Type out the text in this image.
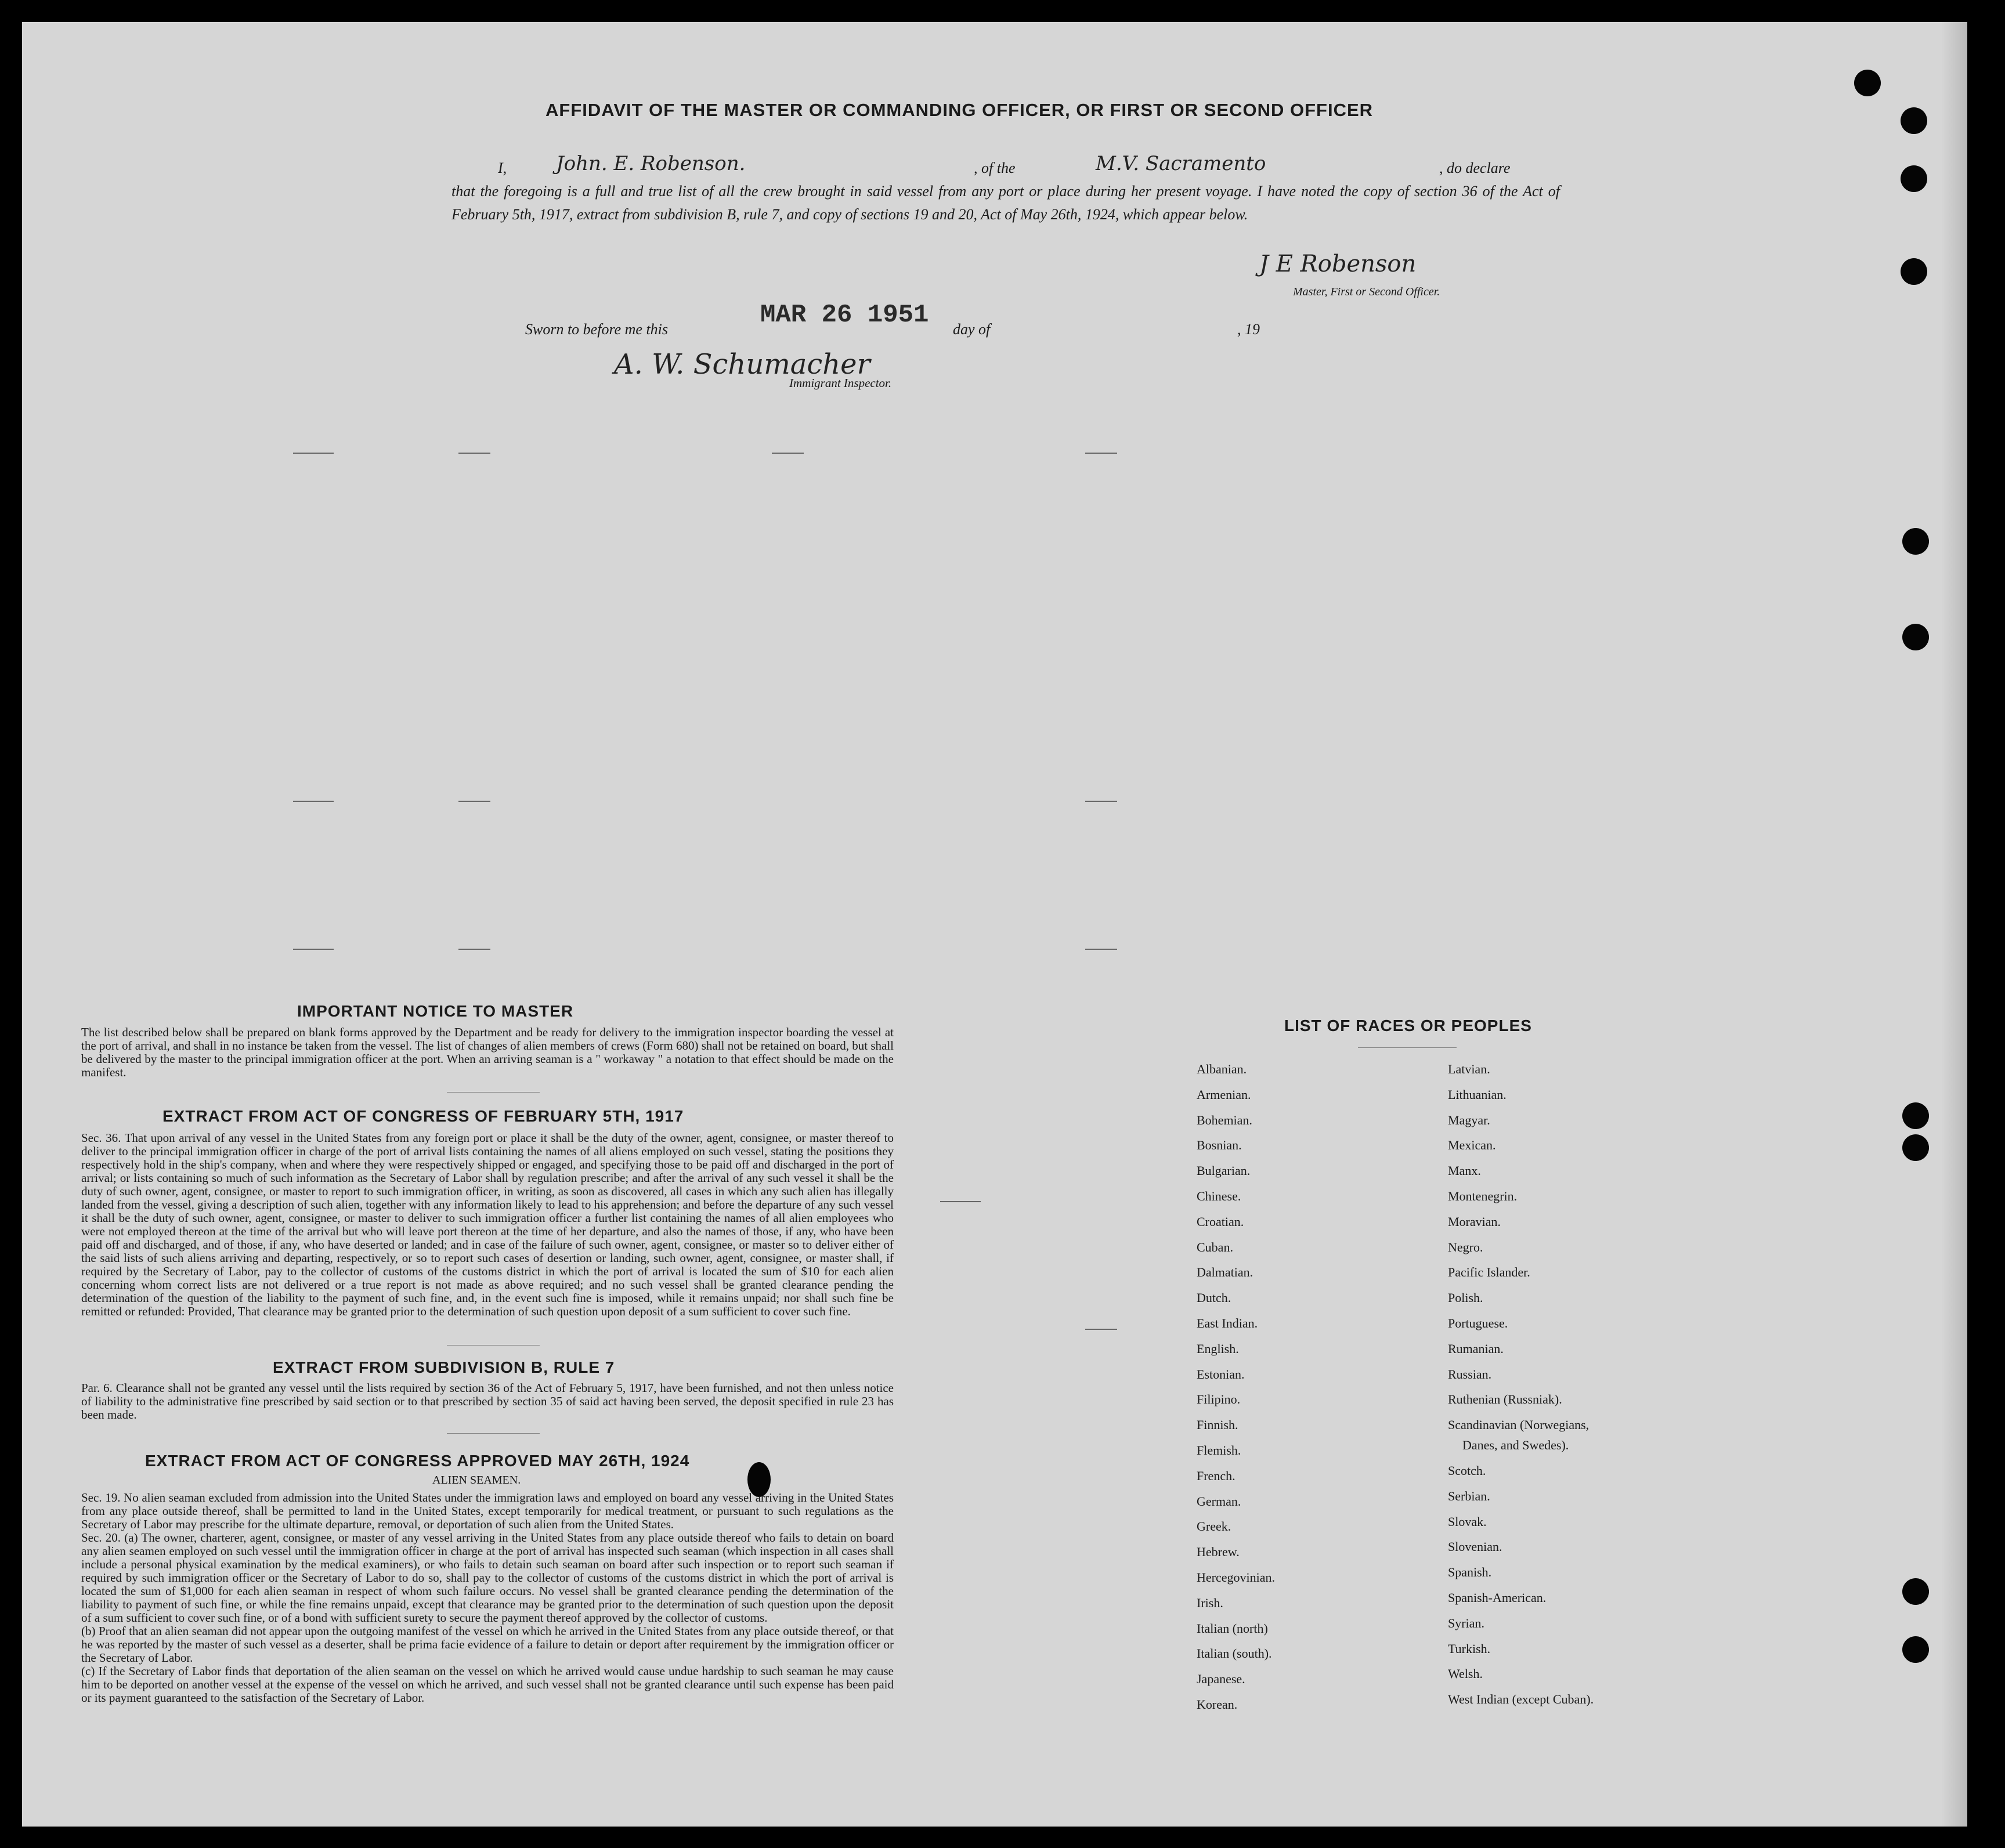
AFFIDAVIT OF THE MASTER OR COMMANDING OFFICER, OR FIRST OR SECOND OFFICER
I, John. E. Robenson.	, of the	M.V. Sacramento	, do declare

that the foregoing is a full and true list of all the crew brought in said vessel from any port or place during her present voyage. I have noted the copy of section 36 of the Act of February 5th, 1917, extract from subdivision B, rule 7, and copy of sections 19 and 20, Act of May 26th, 1924, which appear below.

J E Robenson
Master, First or Second Officer.
Sworn to before me this	MAR 26 1951 day of	, 19
A. W. Schumacher
Immigrant Inspector.
IMPORTANT NOTICE TO MASTER
The list described below shall be prepared on blank forms approved by the Department and be ready for delivery to the immigration inspector boarding the vessel at the port of arrival, and shall in no instance be taken from the vessel. The list of changes of alien members of crews (Form 680) shall not be retained on board, but shall be delivered by the master to the principal immigration officer at the port. When an arriving seaman is a " workaway " a notation to that effect should be made on the manifest.
EXTRACT FROM ACT OF CONGRESS OF FEBRUARY 5TH, 1917
Sec. 36. That upon arrival of any vessel in the United States from any foreign port or place it shall be the duty of the owner, agent, consignee, or master thereof to deliver to the principal immigration officer in charge of the port of arrival lists containing the names of all aliens employed on such vessel, stating the positions they respectively hold in the ship's company, when and where they were respectively shipped or engaged, and specifying those to be paid off and discharged in the port of arrival; or lists containing so much of such information as the Secretary of Labor shall by regulation prescribe; and after the arrival of any such vessel it shall be the duty of such owner, agent, consignee, or master to report to such immigration officer, in writing, as soon as discovered, all cases in which any such alien has illegally landed from the vessel, giving a description of such alien, together with any information likely to lead to his apprehension; and before the departure of any such vessel it shall be the duty of such owner, agent, consignee, or master to deliver to such immigration officer a further list containing the names of all alien employees who were not employed thereon at the time of the arrival but who will leave port thereon at the time of her departure, and also the names of those, if any, who have been paid off and discharged, and of those, if any, who have deserted or landed; and in case of the failure of such owner, agent, consignee, or master so to deliver either of the said lists of such aliens arriving and departing, respectively, or so to report such cases of desertion or landing, such owner, agent, consignee, or master shall, if required by the Secretary of Labor, pay to the collector of customs of the customs district in which the port of arrival is located the sum of $10 for each alien concerning whom correct lists are not delivered or a true report is not made as above required; and no such vessel shall be granted clearance pending the determination of the question of the liability to the payment of such fine, and, in the event such fine is imposed, while it remains unpaid; nor shall such fine be remitted or refunded: Provided, That clearance may be granted prior to the determination of such question upon deposit of a sum sufficient to cover such fine.
EXTRACT FROM SUBDIVISION B, RULE 7
Par. 6. Clearance shall not be granted any vessel until the lists required by section 36 of the Act of February 5, 1917, have been furnished, and not then unless notice of liability to the administrative fine prescribed by said section or to that prescribed by section 35 of said act having been served, the deposit specified in rule 23 has been made.
EXTRACT FROM ACT OF CONGRESS APPROVED MAY 26TH, 1924
ALIEN SEAMEN.
Sec. 19. No alien seaman excluded from admission into the United States under the immigration laws and employed on board any vessel arriving in the United States from any place outside thereof, shall be permitted to land in the United States, except temporarily for medical treatment, or pursuant to such regulations as the Secretary of Labor may prescribe for the ultimate departure, removal, or deportation of such alien from the United States.
Sec. 20. (a) The owner, charterer, agent, consignee, or master of any vessel arriving in the United States from any place outside thereof who fails to detain on board any alien seamen employed on such vessel until the immigration officer in charge at the port of arrival has inspected such seaman (which inspection in all cases shall include a personal physical examination by the medical examiners), or who fails to detain such seaman on board after such inspection or to report such seaman if required by such immigration officer or the Secretary of Labor to do so, shall pay to the collector of customs of the customs district in which the port of arrival is located the sum of $1,000 for each alien seaman in respect of whom such failure occurs. No vessel shall be granted clearance pending the determination of the liability to payment of such fine, or while the fine remains unpaid, except that clearance may be granted prior to the determination of such question upon the deposit of a sum sufficient to cover such fine, or of a bond with sufficient surety to secure the payment thereof approved by the collector of customs.
(b) Proof that an alien seaman did not appear upon the outgoing manifest of the vessel on which he arrived in the United States from any place outside thereof, or that he was reported by the master of such vessel as a deserter, shall be prima facie evidence of a failure to detain or deport after requirement by the immigration officer or the Secretary of Labor.
(c) If the Secretary of Labor finds that deportation of the alien seaman on the vessel on which he arrived would cause undue hardship to such seaman he may cause him to be deported on another vessel at the expense of the vessel on which he arrived, and such vessel shall not be granted clearance until such expense has been paid or its payment guaranteed to the satisfaction of the Secretary of Labor.
LIST OF RACES OR PEOPLES
Albanian.
Armenian.
Bohemian.
Bosnian.
Bulgarian.
Chinese.
Croatian.
Cuban.
Dalmatian.
Dutch.
East Indian.
English.
Estonian.
Filipino.
Finnish.
Flemish.
French.
German.
Greek.
Hebrew.
Hercegovinian.
Irish.
Italian (north)
Italian (south).
Japanese.
Korean.
Latvian.
Lithuanian.
Magyar.
Mexican.
Manx.
Montenegrin.
Moravian.
Negro.
Pacific Islander.
Polish.
Portuguese.
Rumanian.
Russian.
Ruthenian (Russniak).
Scandinavian (Norwegians,
Danes, and Swedes).
Scotch.
Serbian.
Slovak.
Slovenian.
Spanish.
Spanish-American.
Syrian.
Turkish.
Welsh.
West Indian (except Cuban).
